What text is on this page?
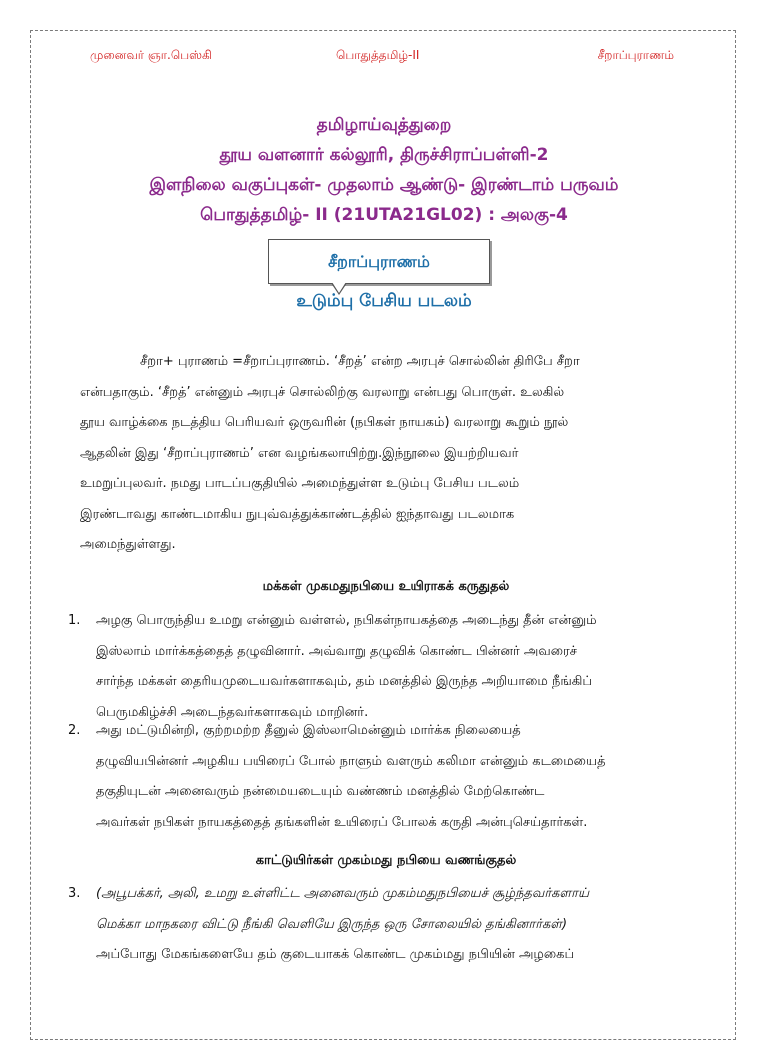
‪முனைவர் ஞா.பெஸ்கி	பொதுத்தமிழ்-II	சீறாப்புராணம்
தமிழாய்வுத்துறை
தூய வளனார் கல்லூரி, திருச்சிராப்பள்ளி-2
இளநிலை வகுப்புகள்- முதலாம் ஆண்டு- இரண்டாம் பருவம்
பொதுத்தமிழ்- II (21UTA21GL02) : அலகு-4
சீறாப்புராணம்
உடும்பு பேசிய படலம்
சீறா+ புராணம் =சீறாப்புராணம். ‘சீறத்’ என்ற அரபுச் சொல்லின் திரிபே சீறா
என்பதாகும். ‘சீறத்’ என்னும் அரபுச் சொல்லிற்கு வரலாறு என்பது பொருள். உலகில்
தூய வாழ்க்கை நடத்திய பெரியவர் ஒருவரின் (நபிகள் நாயகம்) வரலாறு கூறும் நூல்
ஆதலின் இது ‘சீறாப்புராணம்’ என வழங்கலாயிற்று.இந்நூலை இயற்றியவர்
உமறுப்புலவர். நமது பாடப்பகுதியில் அமைந்துள்ள உடும்பு பேசிய படலம்
இரண்டாவது காண்டமாகிய நுபுவ்வத்துக்காண்டத்தில் ஐந்தாவது படலமாக
அமைந்துள்ளது.
மக்கள் முகமதுநபியை உயிராகக் கருதுதல்
1.	அழகு பொருந்திய உமறு என்னும் வள்ளல், நபிகள்நாயகத்தை அடைந்து தீன் என்னும்
இஸ்லாம் மார்க்கத்தைத் தழுவினார். அவ்வாறு தழுவிக் கொண்ட பின்னர் அவரைச்
சார்ந்த மக்கள் தைரியமுடையவர்களாகவும், தம் மனத்தில் இருந்த அறியாமை நீங்கிப்
பெருமகிழ்ச்சி அடைந்தவர்களாகவும் மாறினர்.
2.	அது மட்டுமின்றி, குற்றமற்ற தீனுல் இஸ்லாமென்னும் மார்க்க நிலையைத்
தழுவியபின்னர் அழகிய பயிரைப் போல் நாளும் வளரும் கலிமா என்னும் கடமையைத்
தகுதியுடன் அனைவரும் நன்மையடையும் வண்ணம் மனத்தில் மேற்கொண்ட
அவர்கள் நபிகள் நாயகத்தைத் தங்களின் உயிரைப் போலக் கருதி அன்புசெய்தார்கள்.
காட்டுயிர்கள் முகம்மது நபியை வணங்குதல்
3.	(அபூபக்கர், அலி, உமறு உள்ளிட்ட அனைவரும் முகம்மதுநபியைச் சூழ்ந்தவர்களாய்
மெக்கா மாநகரை விட்டு நீங்கி வெளியே இருந்த ஒரு சோலையில் தங்கினார்கள்)
அப்போது மேகங்களையே தம் குடையாகக் கொண்ட முகம்மது நபியின் அழகைப்
